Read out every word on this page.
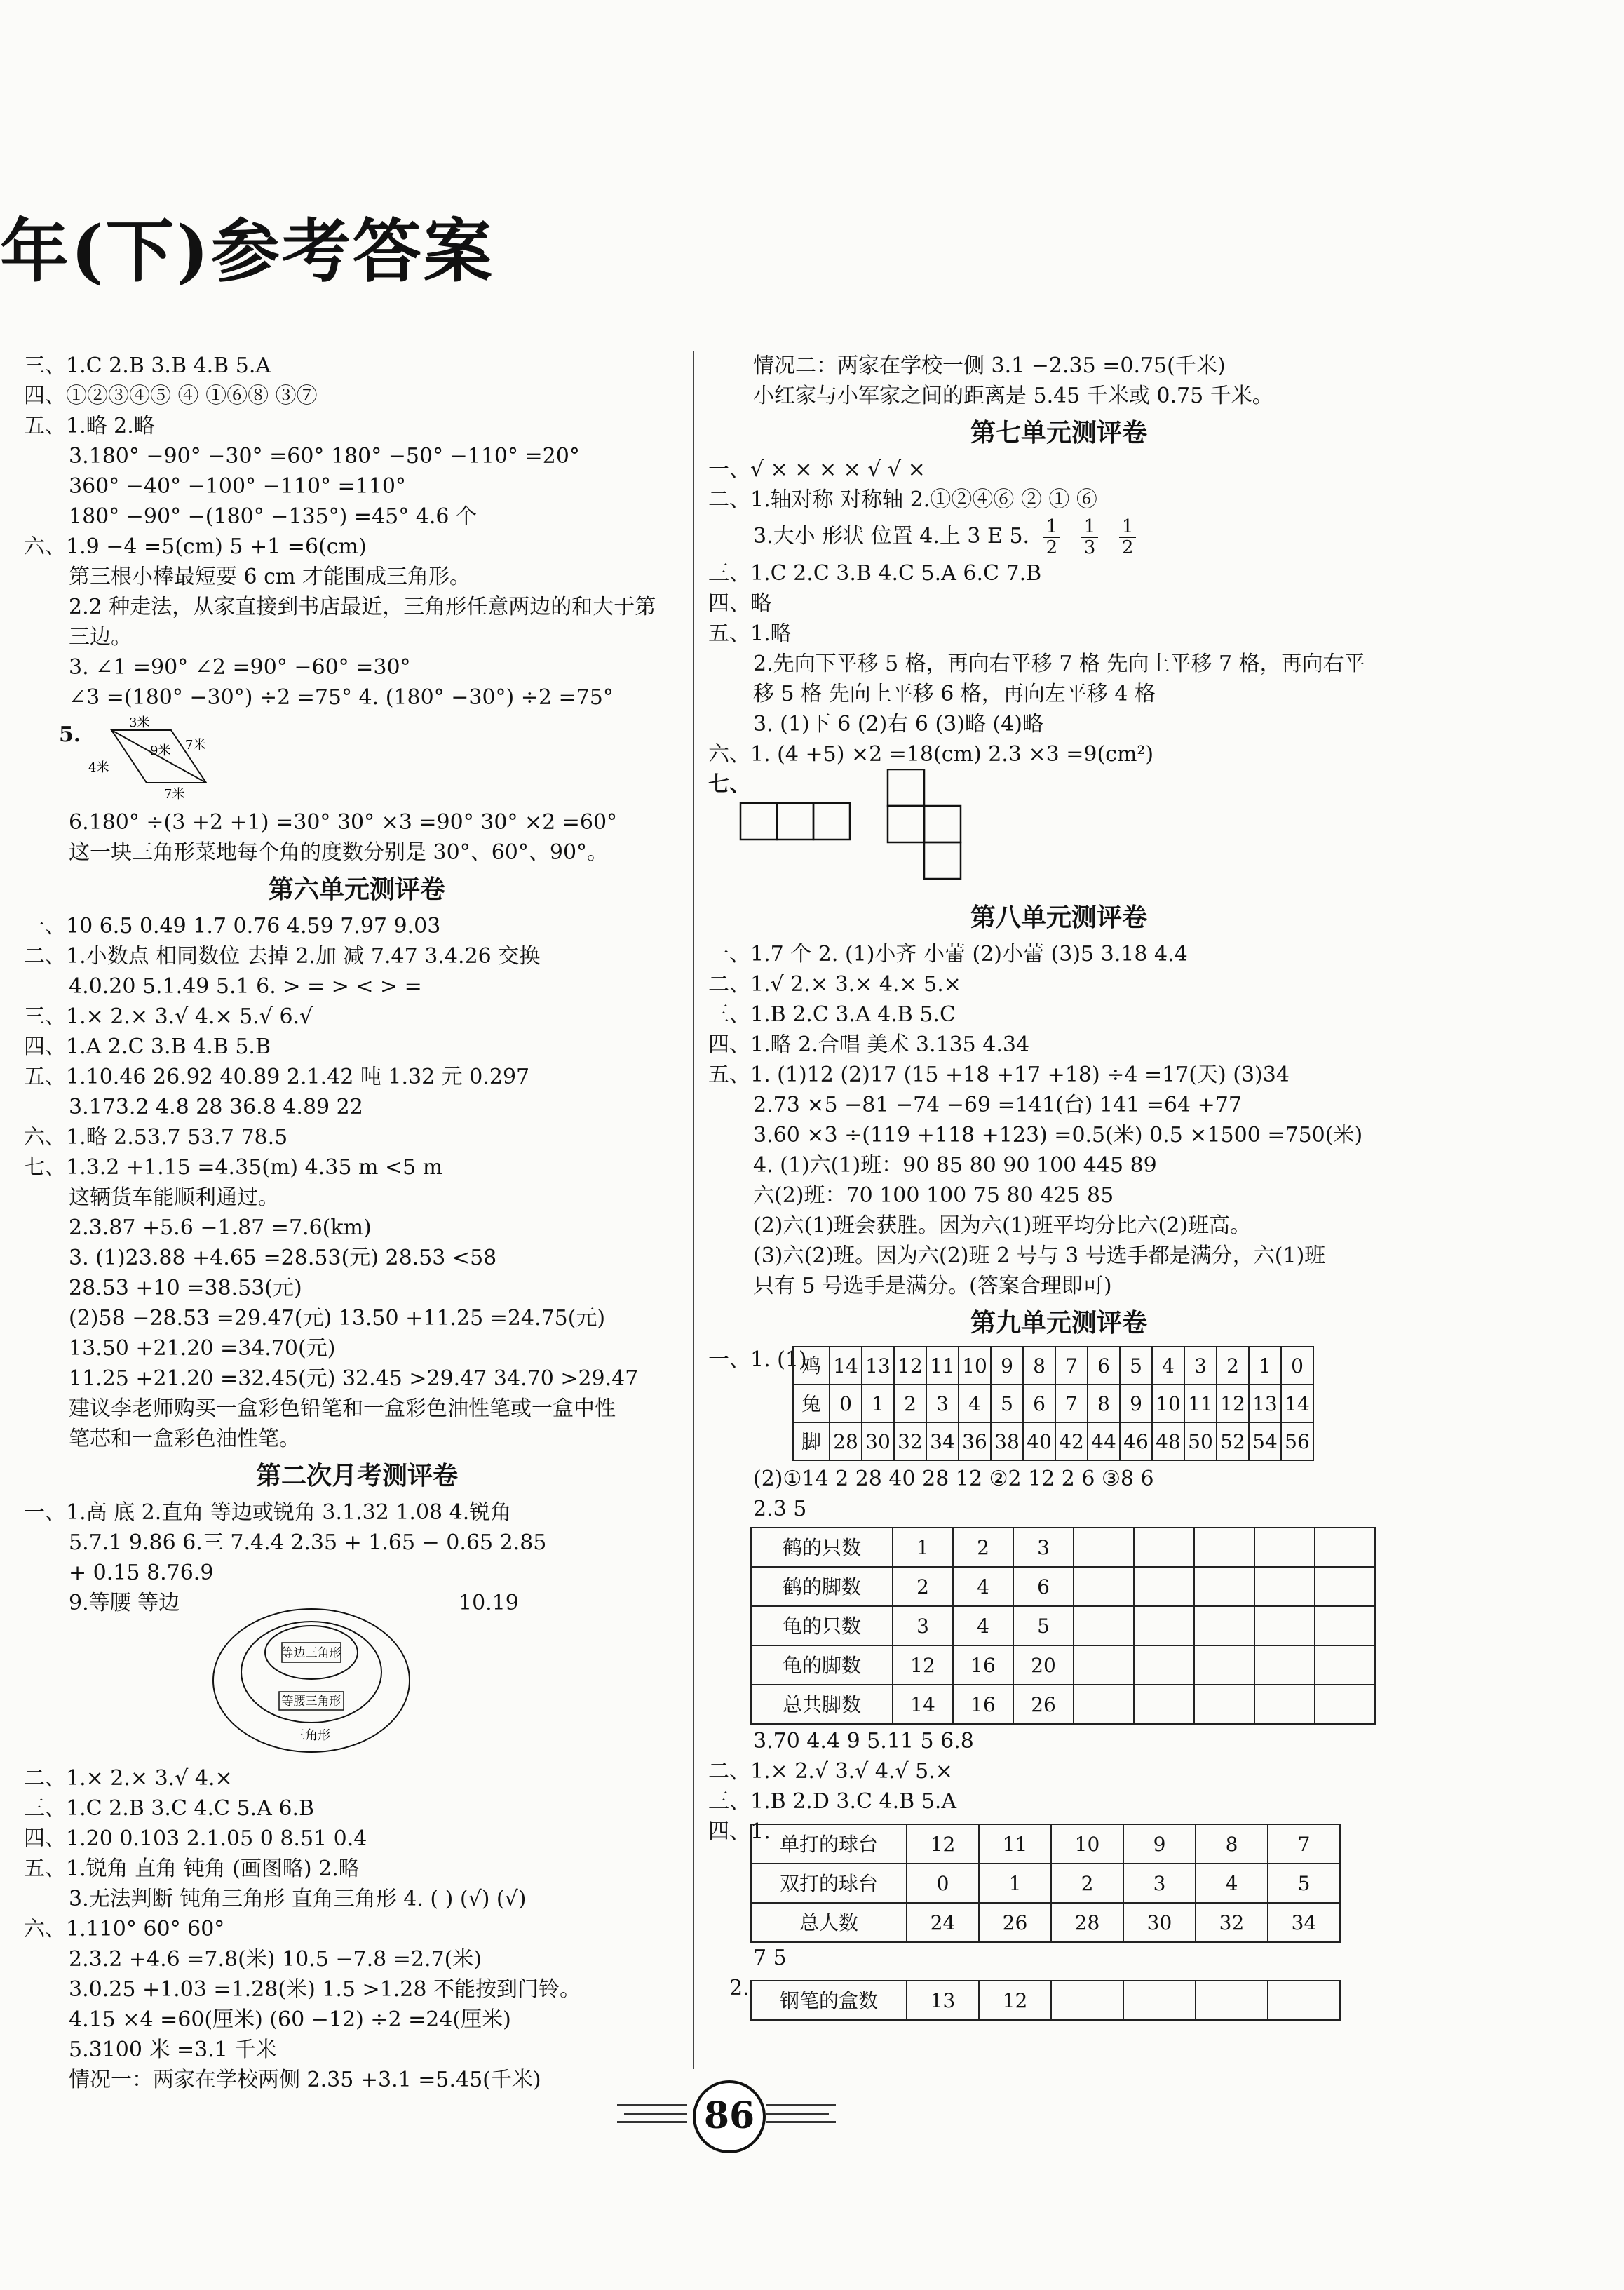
年(下)参考答案
三、1.C 2.B 3.B 4.B 5.A
四、①②③④⑤ ④ ①⑥⑧ ③⑦
五、1.略 2.略
3.180° −90° −30° =60° 180° −50° −110° =20°
360° −40° −100° −110° =110°
180° −90° −(180° −135°) =45° 4.6 个
六、1.9 −4 =5(cm) 5 +1 =6(cm)
第三根小棒最短要 6 cm 才能围成三角形。
2.2 种走法，从家直接到书店最近，三角形任意两边的和大于第
三边。
3. ∠1 =90° ∠2 =90° −60° =30°
∠3 =(180° −30°) ÷2 =75° 4. (180° −30°) ÷2 =75°
5.	3米
9米 7米
4米
7米
6.180° ÷(3 +2 +1) =30° 30° ×3 =90° 30° ×2 =60°
这一块三角形菜地每个角的度数分别是 30°、60°、90°。
第六单元测评卷
一、10 6.5 0.49 1.7 0.76 4.59 7.97 9.03
二、1.小数点 相同数位 去掉 2.加 减 7.47 3.4.26 交换
4.0.20 5.1.49 5.1 6. > = > < > =
三、1.× 2.× 3.√ 4.× 5.√ 6.√
四、1.A 2.C 3.B 4.B 5.B
五、1.10.46 26.92 40.89 2.1.42 吨 1.32 元 0.297
3.173.2 4.8 28 36.8 4.89 22
六、1.略 2.53.7 53.7 78.5
七、1.3.2 +1.15 =4.35(m) 4.35 m <5 m
这辆货车能顺利通过。
2.3.87 +5.6 −1.87 =7.6(km)
3. (1)23.88 +4.65 =28.53(元) 28.53 <58
28.53 +10 =38.53(元)
(2)58 −28.53 =29.47(元) 13.50 +11.25 =24.75(元)
13.50 +21.20 =34.70(元)
11.25 +21.20 =32.45(元) 32.45 >29.47 34.70 >29.47
建议李老师购买一盒彩色铅笔和一盒彩色油性笔或一盒中性
笔芯和一盒彩色油性笔。
第二次月考测评卷
一、1.高 底 2.直角 等边或锐角 3.1.32 1.08 4.锐角
5.7.1 9.86 6.三 7.4.4 2.35 + 1.65 − 0.65 2.85
+ 0.15 8.76.9
9.等腰 等边	10.19
等边三角形
等腰三角形
三角形
二、1.× 2.× 3.√ 4.×
三、1.C 2.B 3.C 4.C 5.A 6.B
四、1.20 0.103 2.1.05 0 8.51 0.4
五、1.锐角 直角 钝角 (画图略) 2.略
3.无法判断 钝角三角形 直角三角形 4. ( ) (√) (√)
六、1.110° 60° 60°
2.3.2 +4.6 =7.8(米) 10.5 −7.8 =2.7(米)
3.0.25 +1.03 =1.28(米) 1.5 >1.28 不能按到门铃。
4.15 ×4 =60(厘米) (60 −12) ÷2 =24(厘米)
5.3100 米 =3.1 千米
情况一：两家在学校两侧 2.35 +3.1 =5.45(千米)
情况二：两家在学校一侧 3.1 −2.35 =0.75(千米)
小红家与小军家之间的距离是 5.45 千米或 0.75 千米。
第七单元测评卷
一、√ × × × × √ √ ×
二、1.轴对称 对称轴 2.①②④⑥ ② ① ⑥
3.大小 形状 位置 4.上 3 E 5. $\frac{1}{2}$
$\frac{1}{3}$
$\frac{1}{2}$
三、1.C 2.C 3.B 4.C 5.A 6.C 7.B
四、略
五、1.略
2.先向下平移 5 格，再向右平移 7 格 先向上平移 7 格，再向右平
移 5 格 先向上平移 6 格，再向左平移 4 格
3. (1)下 6 (2)右 6 (3)略 (4)略
六、1. (4 +5) ×2 =18(cm) 2.3 ×3 =9(cm²)
七、
第八单元测评卷
一、1.7 个 2. (1)小齐 小蕾 (2)小蕾 (3)5 3.18 4.4
二、1.√ 2.× 3.× 4.× 5.×
三、1.B 2.C 3.A 4.B 5.C
四、1.略 2.合唱 美术 3.135 4.34
五、1. (1)12 (2)17 (15 +18 +17 +18) ÷4 =17(天) (3)34
2.73 ×5 −81 −74 −69 =141(台) 141 =64 +77
3.60 ×3 ÷(119 +118 +123) =0.5(米) 0.5 ×1500 =750(米)
4. (1)六(1)班：90 85 80 90 100 445 89
六(2)班：70 100 100 75 80 425 85
(2)六(1)班会获胜。因为六(1)班平均分比六(2)班高。
(3)六(2)班。因为六(2)班 2 号与 3 号选手都是满分，六(1)班
只有 5 号选手是满分。(答案合理即可)
第九单元测评卷
一、1. (1)
鸡	14	13	12	11	10	9	8	7	6	5	4	3	2	1	0
兔	0	1	2	3	4	5	6	7	8	9	10	11	12	13	14
脚	28	30	32	34	36	38	40	42	44	46	48	50	52	54	56
(2)①14 2 28 40 28 12 ②2 12 2 6 ③8 6
2.3 5
鹤的只数	1	2	3					
鹤的脚数	2	4	6					
龟的只数	3	4	5					
龟的脚数	12	16	20					
总共脚数	14	16	26					
3.70 4.4 9 5.11 5 6.8
二、1.× 2.√ 3.√ 4.√ 5.×
三、1.B 2.D 3.C 4.B 5.A
四、1. 单打的球台	12	11	10	9	8	7
双打的球台	0	1	2	3	4	5
总人数	24	26	28	30	32	34
7 5
2. 钢笔的盒数	13	12				
86
